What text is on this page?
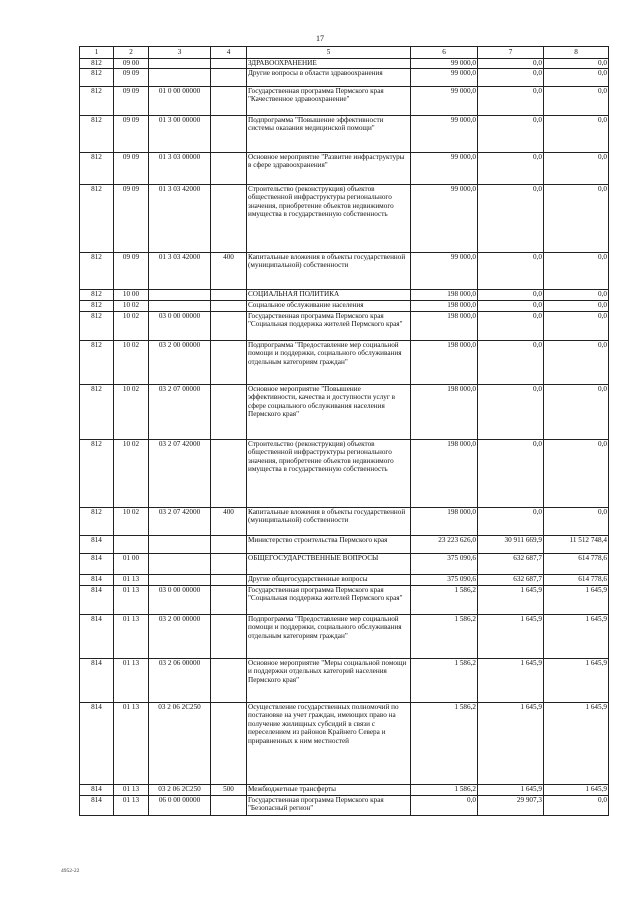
17
1	2	3	4	5	6	7	8
812	09 00			ЗДРАВООХРАНЕНИЕ	99 000,0	0,0	0,0
812	09 09			Другие вопросы в области здравоохранения	99 000,0	0,0	0,0
812	09 09	01 0 00 00000		Государственная программа Пермского края "Качественное здравоохранение"	99 000,0	0,0	0,0
812	09 09	01 3 00 00000		Подпрограмма "Повышение эффективности системы оказания медицинской помощи"	99 000,0	0,0	0,0
812	09 09	01 3 03 00000		Основное мероприятие "Развитие инфраструктуры в сфере здравоохранения"	99 000,0	0,0	0,0
812	09 09	01 3 03 42000		Строительство (реконструкция) объектов общественной инфраструктуры регионального значения, приобретение объектов недвижимого имущества в государственную собственность	99 000,0	0,0	0,0
812	09 09	01 3 03 42000	400	Капитальные вложения в объекты государственной (муниципальной) собственности	99 000,0	0,0	0,0
812	10 00			СОЦИАЛЬНАЯ ПОЛИТИКА	198 000,0	0,0	0,0
812	10 02			Социальное обслуживание населения	198 000,0	0,0	0,0
812	10 02	03 0 00 00000		Государственная программа Пермского края "Социальная поддержка жителей Пермского края"	198 000,0	0,0	0,0
812	10 02	03 2 00 00000		Подпрограмма "Предоставление мер социальной помощи и поддержки, социального обслуживания отдельным категориям граждан"	198 000,0	0,0	0,0
812	10 02	03 2 07 00000		Основное мероприятие "Повышение эффективности, качества и доступности услуг в сфере социального обслуживания населения Пермского края"	198 000,0	0,0	0,0
812	10 02	03 2 07 42000		Строительство (реконструкция) объектов общественной инфраструктуры регионального значения, приобретение объектов недвижимого имущества в государственную собственность	198 000,0	0,0	0,0
812	10 02	03 2 07 42000	400	Капитальные вложения в объекты государственной (муниципальной) собственности	198 000,0	0,0	0,0
814				Министерство строительства Пермского края	23 223 626,0	30 911 669,9	11 512 748,4
814	01 00			ОБЩЕГОСУДАРСТВЕННЫЕ ВОПРОСЫ	375 090,6	632 687,7	614 778,6
814	01 13			Другие общегосударственные вопросы	375 090,6	632 687,7	614 778,6
814	01 13	03 0 00 00000		Государственная программа Пермского края "Социальная поддержка жителей Пермского края"	1 586,2	1 645,9	1 645,9
814	01 13	03 2 00 00000		Подпрограмма "Предоставление мер социальной помощи и поддержки, социального обслуживания отдельным категориям граждан"	1 586,2	1 645,9	1 645,9
814	01 13	03 2 06 00000		Основное мероприятие "Меры социальной помощи и поддержки отдельных категорий населения Пермского края"	1 586,2	1 645,9	1 645,9
814	01 13	03 2 06 2C250		Осуществление государственных полномочий по постановке на учет граждан, имеющих право на получение жилищных субсидий в связи с переселением из районов Крайнего Севера и приравненных к ним местностей	1 586,2	1 645,9	1 645,9
814	01 13	03 2 06 2C250	500	Межбюджетные трансферты	1 586,2	1 645,9	1 645,9
814	01 13	06 0 00 00000		Государственная программа Пермского края "Безопасный регион"	0,0	29 907,3	0,0
4952-22
